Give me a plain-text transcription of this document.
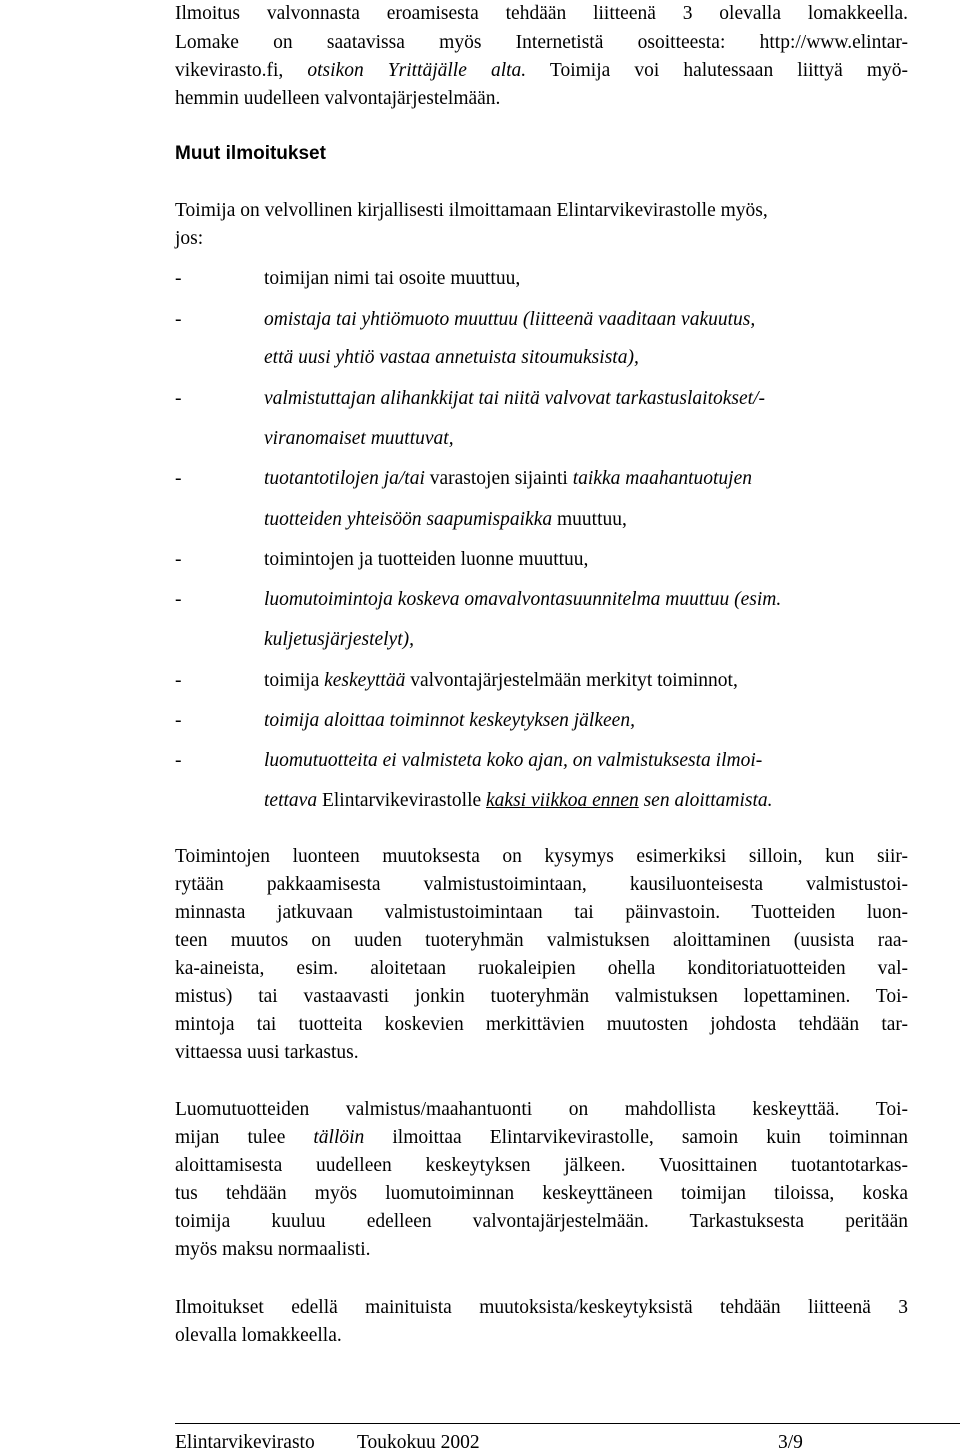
Ilmoitus valvonnasta eroamisesta tehdään liitteenä 3 olevalla lomakkeella.
Lomake on saatavissa myös Internetistä osoitteesta: http://www.elintar-
vikevirasto.fi, otsikon Yrittäjälle alta. Toimija voi halutessaan liittyä myö-
hemmin uudelleen valvontajärjestelmään.
Muut ilmoitukset
Toimija on velvollinen kirjallisesti ilmoittamaan Elintarvikevirastolle myös,
jos:
-	toimijan nimi tai osoite muuttuu,
-	omistaja tai yhtiömuoto muuttuu (liitteenä vaaditaan vakuutus,
että uusi yhtiö vastaa annetuista sitoumuksista),
-	valmistuttajan alihankkijat tai niitä valvovat tarkastuslaitokset/-
viranomaiset muuttuvat,
-	tuotantotilojen ja/tai varastojen sijainti taikka maahantuotujen
tuotteiden yhteisöön saapumispaikka muuttuu,
-	toimintojen ja tuotteiden luonne muuttuu,
-	luomutoimintoja koskeva omavalvontasuunnitelma muuttuu (esim.
kuljetusjärjestelyt),
-	toimija keskeyttää valvontajärjestelmään merkityt toiminnot,
-	toimija aloittaa toiminnot keskeytyksen jälkeen,
-	luomutuotteita ei valmisteta koko ajan, on valmistuksesta ilmoi-
tettava Elintarvikevirastolle kaksi viikkoa ennen sen aloittamista.
Toimintojen luonteen muutoksesta on kysymys esimerkiksi silloin, kun siir-
rytään pakkaamisesta valmistustoimintaan, kausiluonteisesta valmistustoi-
minnasta jatkuvaan valmistustoimintaan tai päinvastoin. Tuotteiden luon-
teen muutos on uuden tuoteryhmän valmistuksen aloittaminen (uusista raa-
ka-aineista, esim. aloitetaan ruokaleipien ohella konditoriatuotteiden val-
mistus) tai vastaavasti jonkin tuoteryhmän valmistuksen lopettaminen. Toi-
mintoja tai tuotteita koskevien merkittävien muutosten johdosta tehdään tar-
vittaessa uusi tarkastus.
Luomutuotteiden valmistus/maahantuonti on mahdollista keskeyttää. Toi-
mijan tulee tällöin ilmoittaa Elintarvikevirastolle, samoin kuin toiminnan
aloittamisesta uudelleen keskeytyksen jälkeen. Vuosittainen tuotantotarkas-
tus tehdään myös luomutoiminnan keskeyttäneen toimijan tiloissa, koska
toimija kuuluu edelleen valvontajärjestelmään. Tarkastuksesta peritään
myös maksu normaalisti.
Ilmoitukset edellä mainituista muutoksista/keskeytyksistä tehdään liitteenä 3
olevalla lomakkeella.
Elintarvikevirasto Toukokuu 2002	3/9
